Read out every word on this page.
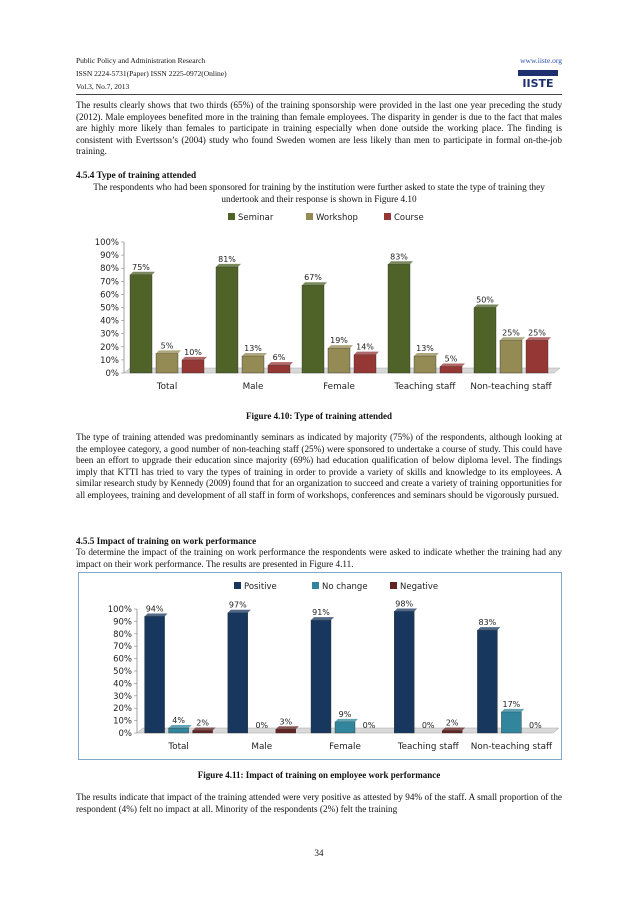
Public Policy and Administration Research
ISSN 2224-5731(Paper) ISSN 2225-0972(Online)
Vol.3, No.7, 2013
www.iiste.org
IISTE
The results clearly shows that two thirds (65%) of the training sponsorship were provided in the last one year preceding the study (2012). Male employees benefited more in the training than female employees. The disparity in gender is due to the fact that males are highly more likely than females to participate in training especially when done outside the working place. The finding is consistent with Evertsson’s (2004) study who found Sweden women are less likely than men to participate in formal on-the-job training.
4.5.4 Type of training attended
The respondents who had been sponsored for training by the institution were further asked to state the type of training they undertook and their response is shown in Figure 4.10
Seminar	Workshop	Course
0%
10%
20%
30%
40%
50%
60%
70%
80%
90%
100%
75%
5%
10%
Total
81%
13%
6%
Male
67%
19%
14%
Female
83%
13%
5%
Teaching staff
50%
25% 25%
Non-teaching staff
Figure 4.10: Type of training attended
The type of training attended was predominantly seminars as indicated by majority (75%) of the respondents, although looking at the employee category, a good number of non-teaching staff (25%) were sponsored to undertake a course of study. This could have been an effort to upgrade their education since majority (69%) had education qualification of below diploma level. The findings imply that KTTI has tried to vary the types of training in order to provide a variety of skills and knowledge to its employees. A similar research study by Kennedy (2009) found that for an organization to succeed and create a variety of training opportunities for all employees, training and development of all staff in form of workshops, conferences and seminars should be vigorously pursued.
4.5.5 Impact of training on work performance
To determine the impact of the training on work performance the respondents were asked to indicate whether the training had any impact on their work performance. The results are presented in Figure 4.11.
Positive	No change	Negative
0%
10%
20%
30%
40%
50%
60%
70%
80%
90%
100% 94%
4% 2%
Total
97%
0% 3%
Male
91%
9%
0%
Female
98%
0% 2%
Teaching staff
83%
17%
0%
Non-teaching staff
Figure 4.11: Impact of training on employee work performance
The results indicate that impact of the training attended were very positive as attested by 94% of the staff. A small proportion of the respondent (4%) felt no impact at all. Minority of the respondents (2%) felt the training
34
